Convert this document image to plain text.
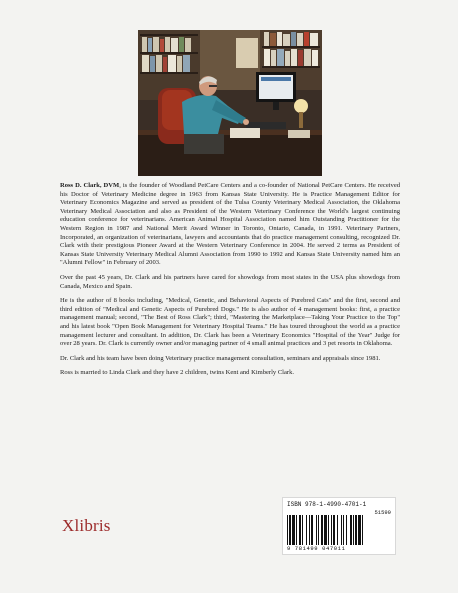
Ross D. Clark, DVM, is the founder of Woodland PetCare Centers and a co-founder of National PetCare Centers. He received his Doctor of Veterinary Medicine degree in 1963 from Kansas State University. He is Practice Management Editor for Veterinary Economics Magazine and served as president of the Tulsa County Veterinary Medical Association, the Oklahoma Veterinary Medical Association and also as President of the Western Veterinary Conference the World's largest continuing education conference for veterinarians. American Animal Hospital Association named him Outstanding Practitioner for the Western Region in 1987 and National Merit Award Winner in Toronto, Ontario, Canada, in 1991. Veterinary Partners, Incorporated, an organization of veterinarians, lawyers and accountants that do practice management consulting, recognized Dr. Clark with their prestigious Pioneer Award at the Western Veterinary Conference in 2004. He served 2 terms as President of Kansas State University Veterinary Medical Alumni Association from 1990 to 1992 and Kansas State University named him an "Alumni Fellow" in February of 2003.

Over the past 45 years, Dr. Clark and his partners have cared for showdogs from most states in the USA plus showdogs from Canada, Mexico and Spain.

He is the author of 8 books including, "Medical, Genetic, and Behavioral Aspects of Purebred Cats" and the first, second and third edition of "Medical and Genetic Aspects of Purebred Dogs." He is also author of 4 management books: first, a practice management manual; second, "The Best of Ross Clark"; third, "Mastering the Marketplace—Taking Your Practice to the Top" and his latest book "Open Book Management for Veterinary Hospital Teams." He has toured throughout the world as a practice management lecturer and consultant. In addition, Dr. Clark has been a Veterinary Economics "Hospital of the Year" Judge for over 28 years. Dr. Clark is currently owner and/or managing partner of 4 small animal practices and 3 pet resorts in Oklahoma.

Dr. Clark and his team have been doing Veterinary practice management consultation, seminars and appraisals since 1981.

Ross is married to Linda Clark and they have 2 children, twins Kent and Kimberly Clark.

Xlibris
ISBN 978-1-4990-4701-1
51599
9 781499 047011
